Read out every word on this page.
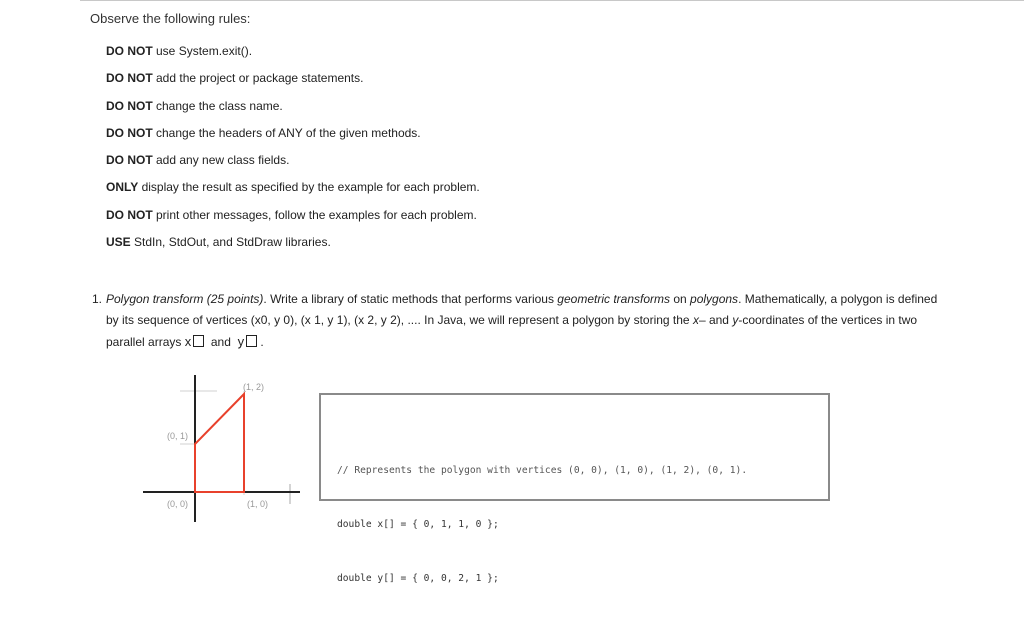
Observe the following rules:
DO NOT use System.exit().
DO NOT add the project or package statements.
DO NOT change the class name.
DO NOT change the headers of ANY of the given methods.
DO NOT add any new class fields.
ONLY display the result as specified by the example for each problem.
DO NOT print other messages, follow the examples for each problem.
USE StdIn, StdOut, and StdDraw libraries.
1. Polygon transform (25 points). Write a library of static methods that performs various geometric transforms on polygons. Mathematically, a polygon is defined by its sequence of vertices (x0, y 0), (x 1, y 1), (x 2, y 2), .... In Java, we will represent a polygon by storing the x– and y-coordinates of the vertices in two parallel arrays x and y .
(1, 2)
(0, 1)
(0, 0)	(1, 0)

// Represents the polygon with vertices (0, 0), (1, 0), (1, 2), (0, 1).

double x[] = { 0, 1, 1, 0 };

double y[] = { 0, 0, 2, 1 };
